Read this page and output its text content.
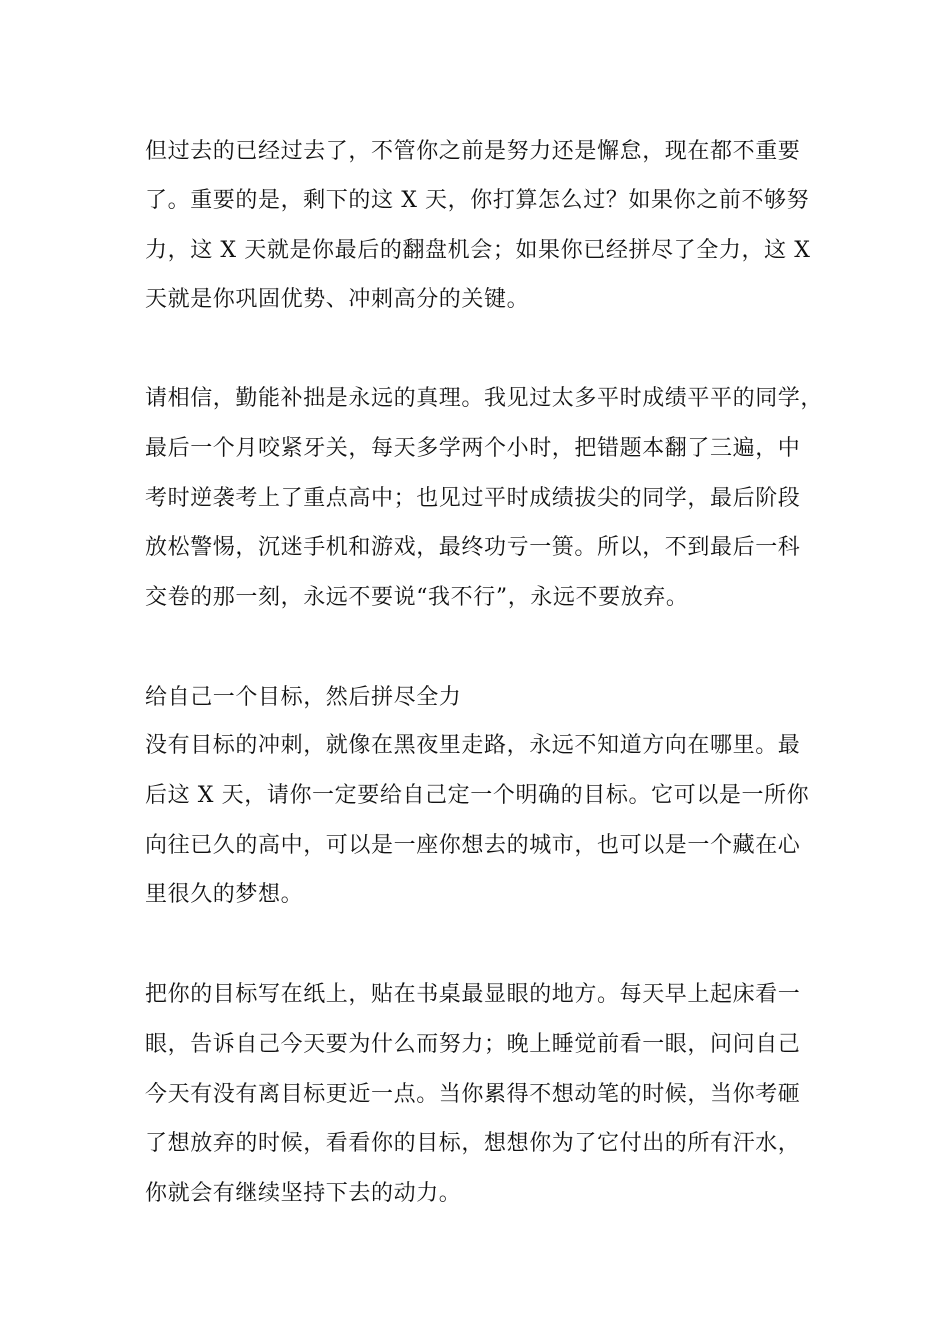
但过去的已经过去了，不管你之前是努力还是懈怠，现在都不重要
了。重要的是，剩下的这 X 天，你打算怎么过？如果你之前不够努
力，这 X 天就是你最后的翻盘机会；如果你已经拼尽了全力，这 X
天就是你巩固优势、冲刺高分的关键。
请相信，勤能补拙是永远的真理。我见过太多平时成绩平平的同学，
最后一个月咬紧牙关，每天多学两个小时，把错题本翻了三遍，中
考时逆袭考上了重点高中；也见过平时成绩拔尖的同学，最后阶段
放松警惕，沉迷手机和游戏，最终功亏一篑。所以，不到最后一科
交卷的那一刻，永远不要说“我不行”，永远不要放弃。
给自己一个目标，然后拼尽全力
没有目标的冲刺，就像在黑夜里走路，永远不知道方向在哪里。最
后这 X 天，请你一定要给自己定一个明确的目标。它可以是一所你
向往已久的高中，可以是一座你想去的城市，也可以是一个藏在心
里很久的梦想。
把你的目标写在纸上，贴在书桌最显眼的地方。每天早上起床看一
眼，告诉自己今天要为什么而努力；晚上睡觉前看一眼，问问自己
今天有没有离目标更近一点。当你累得不想动笔的时候，当你考砸
了想放弃的时候，看看你的目标，想想你为了它付出的所有汗水，
你就会有继续坚持下去的动力。
